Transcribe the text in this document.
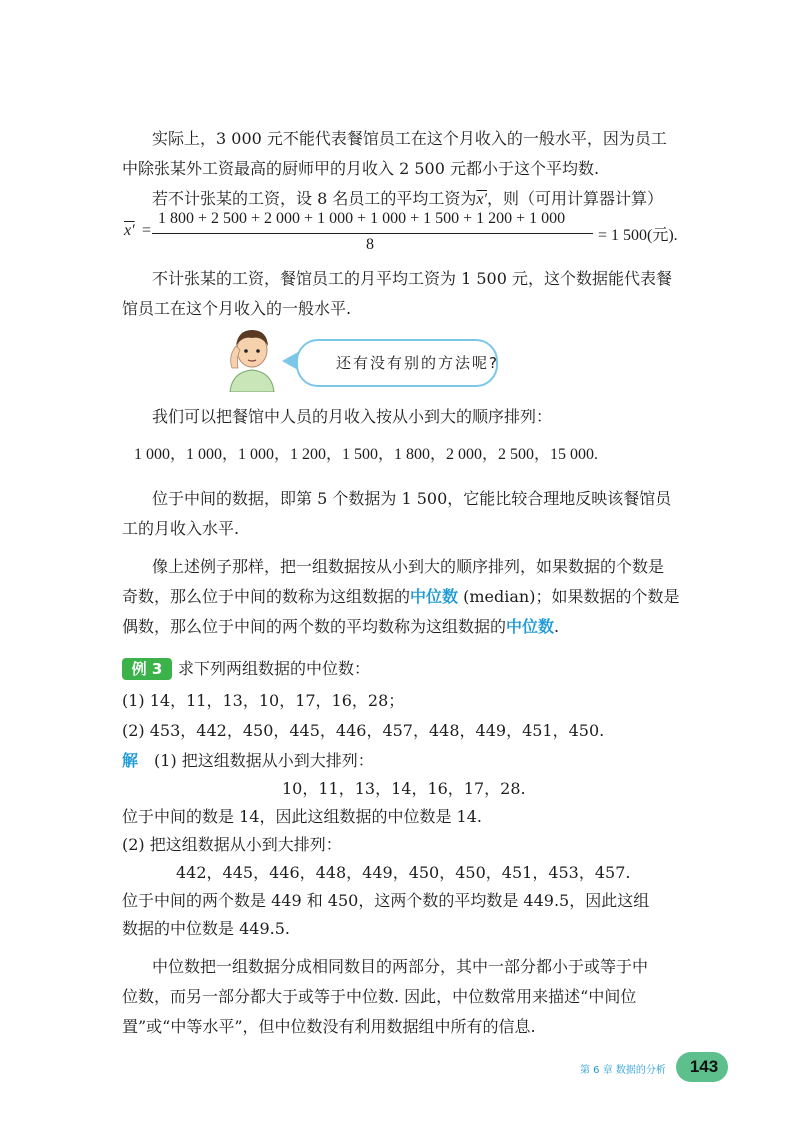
实际上，3 000 元不能代表餐馆员工在这个月收入的一般水平，因为员工

中除张某外工资最高的厨师甲的月收入 2 500 元都小于这个平均数.

若不计张某的工资，设 8 名员工的平均工资为x′，则（可用计算器计算）

x′ =
1 800 + 2 500 + 2 000 + 1 000 + 1 000 + 1 500 + 1 200 + 1 000
8
= 1 500(元).

不计张某的工资，餐馆员工的月平均工资为 1 500 元，这个数据能代表餐

馆员工在这个月收入的一般水平.

还有没有别的方法呢?

我们可以把餐馆中人员的月收入按从小到大的顺序排列：

1 000，1 000，1 000，1 200，1 500，1 800，2 000，2 500，15 000.

位于中间的数据，即第 5 个数据为 1 500，它能比较合理地反映该餐馆员

工的月收入水平.

像上述例子那样，把一组数据按从小到大的顺序排列，如果数据的个数是

奇数，那么位于中间的数称为这组数据的中位数 (median)；如果数据的个数是

偶数，那么位于中间的两个数的平均数称为这组数据的中位数.

例 3 求下列两组数据的中位数：

(1) 14，11，13，10，17，16，28；

(2) 453，442，450，445，446，457，448，449，451，450.

解 (1) 把这组数据从小到大排列：

10，11，13，14，16，17，28.

位于中间的数是 14，因此这组数据的中位数是 14.

(2) 把这组数据从小到大排列：

442，445，446，448，449，450，450，451，453，457.

位于中间的两个数是 449 和 450，这两个数的平均数是 449.5，因此这组

数据的中位数是 449.5.

中位数把一组数据分成相同数目的两部分，其中一部分都小于或等于中

位数，而另一部分都大于或等于中位数. 因此，中位数常用来描述“中间位

置”或“中等水平”，但中位数没有利用数据组中所有的信息.

第 6 章 数据的分析	143
